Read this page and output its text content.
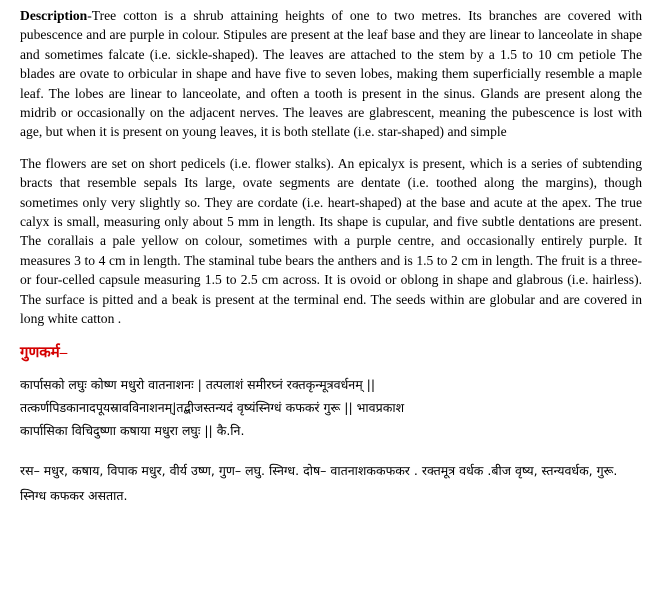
Description-Tree cotton is a shrub attaining heights of one to two metres. Its branches are covered with pubescence and are purple in colour. Stipules are present at the leaf base and they are linear to lanceolate in shape and sometimes falcate (i.e. sickle-shaped). The leaves are attached to the stem by a 1.5 to 10 cm petiole The blades are ovate to orbicular in shape and have five to seven lobes, making them superficially resemble a maple leaf. The lobes are linear to lanceolate, and often a tooth is present in the sinus. Glands are present along the midrib or occasionally on the adjacent nerves. The leaves are glabrescent, meaning the pubescence is lost with age, but when it is present on young leaves, it is both stellate (i.e. star-shaped) and simple

The flowers are set on short pedicels (i.e. flower stalks). An epicalyx is present, which is a series of subtending bracts that resemble sepals Its large, ovate segments are dentate (i.e. toothed along the margins), though sometimes only very slightly so. They are cordate (i.e. heart-shaped) at the base and acute at the apex. The true calyx is small, measuring only about 5 mm in length. Its shape is cupular, and five subtle dentations are present. The corallais a pale yellow on colour, sometimes with a purple centre, and occasionally entirely purple. It measures 3 to 4 cm in length. The staminal tube bears the anthers and is 1.5 to 2 cm in length. The fruit is a three- or four-celled capsule measuring 1.5 to 2.5 cm across. It is ovoid or oblong in shape and glabrous (i.e. hairless). The surface is pitted and a beak is present at the terminal end. The seeds within are globular and are covered in long white catton .

गुणकर्म–

कार्पासको लघुः कोष्ण मधुरो वातनाशनः | तत्पलाशं समीरघ्नं रक्तकृन्मूत्रवर्धनम् ||

तत्कर्णपिडकानादपूयस्रावविनाशनम्|तद्बीजस्तन्यदं वृष्यंस्निग्धं कफकरं गुरू || भावप्रकाश

कार्पासिका विचिदुष्णा कषाया मधुरा लघुः || कै.नि.

रस– मधुर, कषाय, विपाक मधुर, वीर्य उष्ण, गुण– लघु. स्निग्ध. दोष– वातनाशककफकर . रक्तमूत्र वर्धक .बीज वृष्य, स्तन्यवर्धक, गुरू. स्निग्ध कफकर असतात.
